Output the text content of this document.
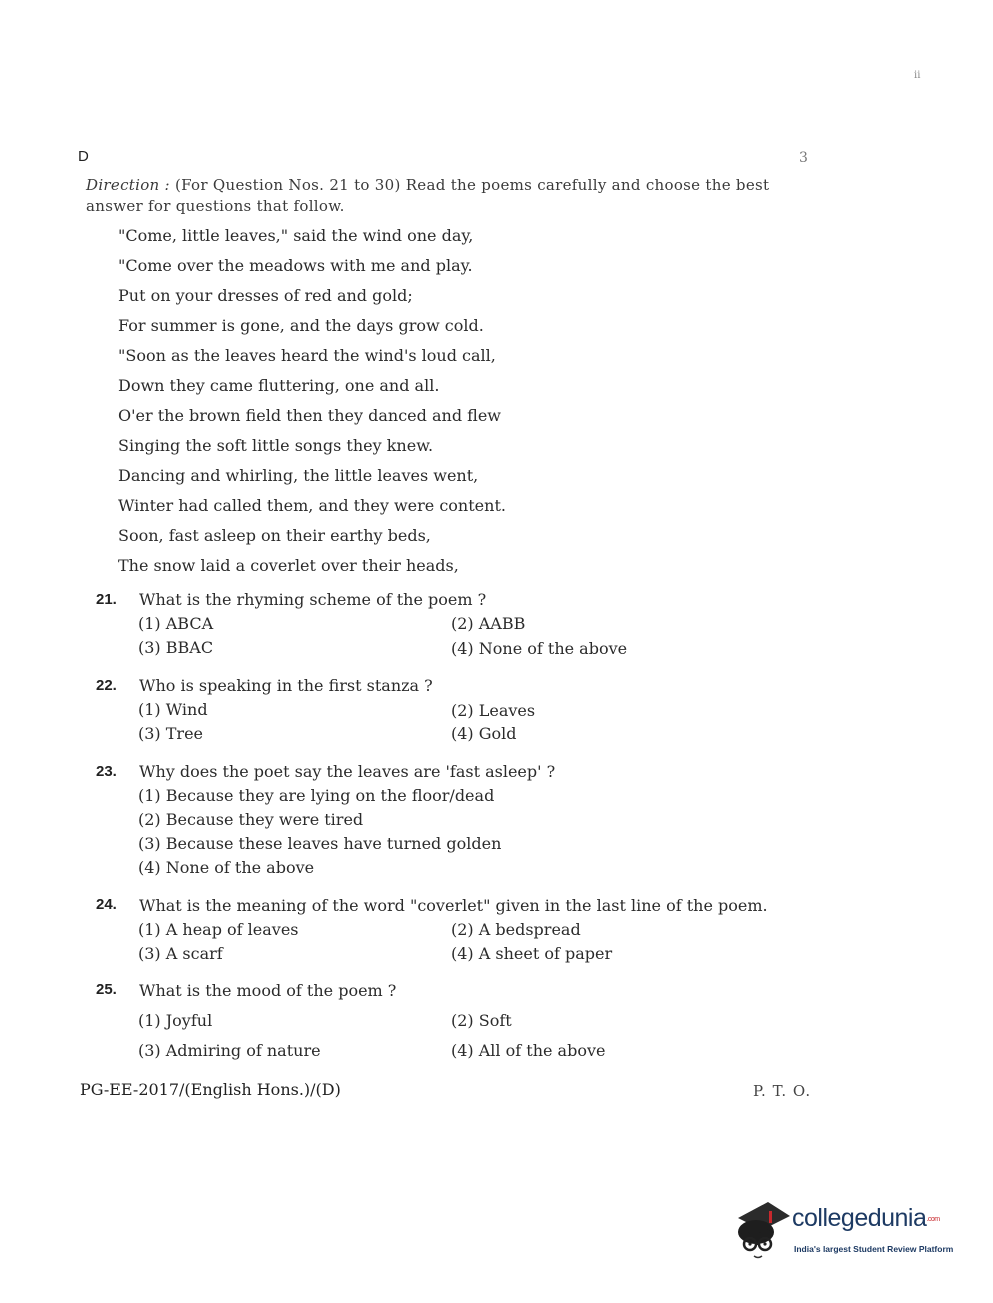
ii
D	3
Direction : (For Question Nos. 21 to 30) Read the poems carefully and choose the best answer for questions that follow.
"Come, little leaves," said the wind one day,
"Come over the meadows with me and play.
Put on your dresses of red and gold;
For summer is gone, and the days grow cold.
"Soon as the leaves heard the wind's loud call,
Down they came fluttering, one and all.
O'er the brown field then they danced and flew
Singing the soft little songs they knew.
Dancing and whirling, the little leaves went,
Winter had called them, and they were content.
Soon, fast asleep on their earthy beds,
The snow laid a coverlet over their heads,
21. What is the rhyming scheme of the poem ?
(1) ABCA	(2) AABB
(3) BBAC	(4) None of the above
22. Who is speaking in the first stanza ?
(1) Wind	(2) Leaves
(3) Tree	(4) Gold
23. Why does the poet say the leaves are 'fast asleep' ?
(1) Because they are lying on the floor/dead
(2) Because they were tired
(3) Because these leaves have turned golden
(4) None of the above
24. What is the meaning of the word "coverlet" given in the last line of the poem.
(1) A heap of leaves	(2) A bedspread
(3) A scarf	(4) A sheet of paper
25. What is the mood of the poem ?
(1) Joyful	(2) Soft
(3) Admiring of nature	(4) All of the above
PG-EE-2017/(English Hons.)/(D)	P. T. O.
collegedunia.com
India's largest Student Review Platform
